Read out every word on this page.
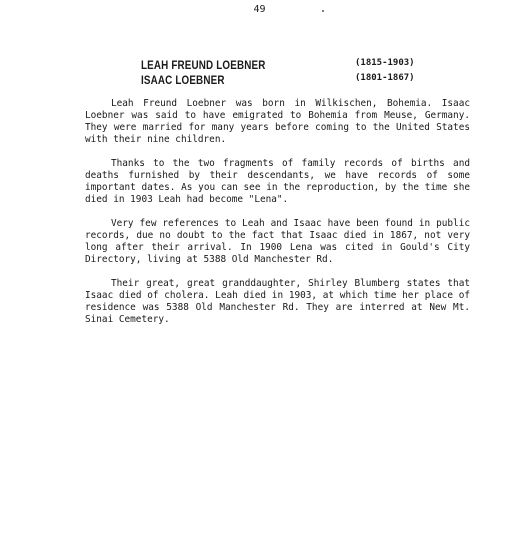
49
LEAH FREUND LOEBNER	(1815-1903)
ISAAC LOEBNER	(1801-1867)

Leah Freund Loebner was born in Wilkischen, Bohemia. Isaac Loebner was said to have emigrated to Bohemia from Meuse, Germany. They were married for many years before coming to the United States with their nine children.

Thanks to the two fragments of family records of births and deaths furnished by their descendants, we have records of some important dates. As you can see in the reproduction, by the time she died in 1903 Leah had become "Lena".

Very few references to Leah and Isaac have been found in public records, due no doubt to the fact that Isaac died in 1867, not very long after their arrival. In 1900 Lena was cited in Gould's City Directory, living at 5388 Old Manchester Rd.

Their great, great granddaughter, Shirley Blumberg states that Isaac died of cholera. Leah died in 1903, at which time her place of residence was 5388 Old Manchester Rd. They are interred at New Mt. Sinai Cemetery.
